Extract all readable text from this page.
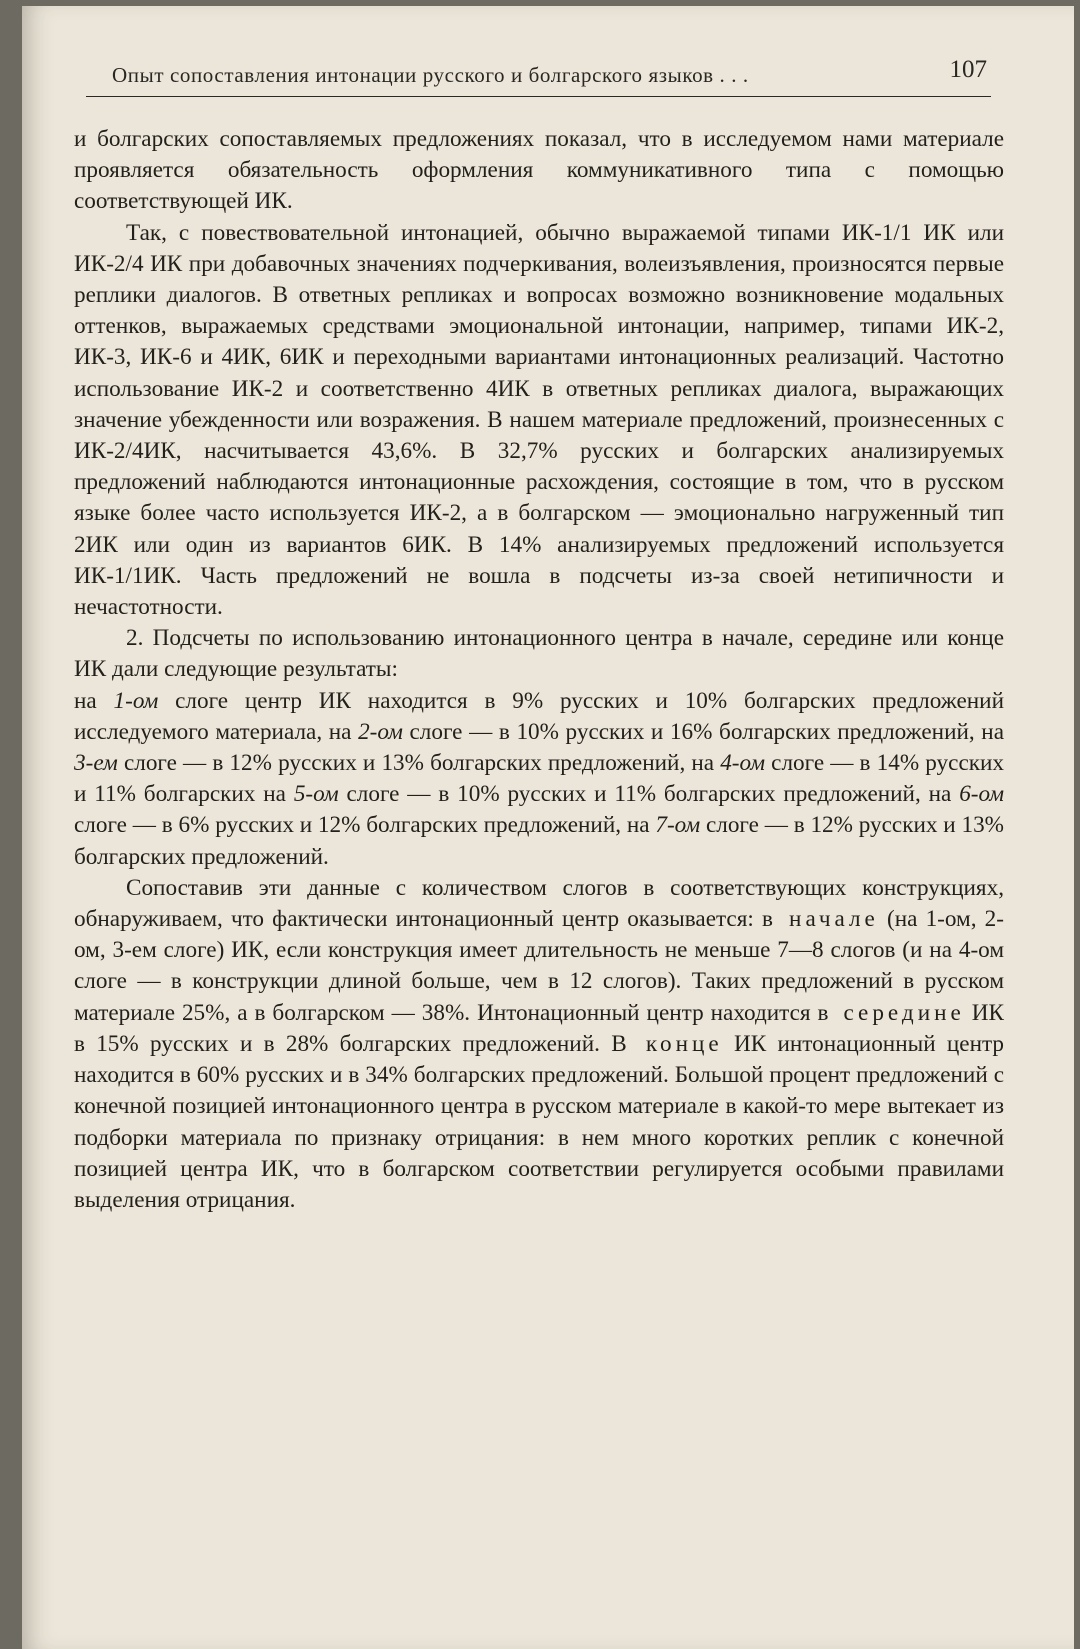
Опыт сопоставления интонации русского и болгарского языков . . .	107

и болгарских сопоставляемых предложениях показал, что в исследуемом нами материале проявляется обязательность оформления коммуникативного типа с помощью соответствующей ИК.

Так, с повествовательной интонацией, обычно выражаемой типами ИК-1/1 ИК или ИК-2/4 ИК при добавочных значениях подчеркивания, волеизъявления, произносятся первые реплики диалогов. В ответных репликах и вопросах возможно возникновение модальных оттенков, выражаемых средствами эмоциональной интонации, например, типами ИК-2, ИК-3, ИК-6 и 4ИК, 6ИК и переходными вариантами интонационных реализаций. Частотно использование ИК-2 и соответственно 4ИК в ответных репликах диалога, выражающих значение убежденности или возражения. В нашем материале предложений, произнесенных с ИК-2/4ИК, насчитывается 43,6%. В 32,7% русских и болгарских анализируемых предложений наблюдаются интонационные расхождения, состоящие в том, что в русском языке более часто используется ИК-2, а в болгарском — эмоционально нагруженный тип 2ИК или один из вариантов 6ИК. В 14% анализируемых предложений используется ИК-1/1ИК. Часть предложений не вошла в подсчеты из-за своей нетипичности и нечастотности.

2. Подсчеты по использованию интонационного центра в начале, середине или конце ИК дали следующие результаты:

на 1-ом слоге центр ИК находится в 9% русских и 10% болгарских предложений исследуемого материала, на 2-ом слоге — в 10% русских и 16% болгарских предложений, на 3-ем слоге — в 12% русских и 13% болгарских предложений, на 4-ом слоге — в 14% русских и 11% болгарских на 5-ом слоге — в 10% русских и 11% болгарских предложений, на 6-ом слоге — в 6% русских и 12% болгарских предложений, на 7-ом слоге — в 12% русских и 13% болгарских предложений.

Сопоставив эти данные с количеством слогов в соответствующих конструкциях, обнаруживаем, что фактически интонационный центр оказывается: в начале (на 1-ом, 2-ом, 3-ем слоге) ИК, если конструкция имеет длительность не меньше 7—8 слогов (и на 4-ом слоге — в конструкции длиной больше, чем в 12 слогов). Таких предложений в русском материале 25%, а в болгарском — 38%. Интонационный центр находится в середине ИК в 15% русских и в 28% болгарских предложений. В конце ИК интонационный центр находится в 60% русских и в 34% болгарских предложений. Большой процент предложений с конечной позицией интонационного центра в русском материале в какой-то мере вытекает из подборки материала по признаку отрицания: в нем много коротких реплик с конечной позицией центра ИК, что в болгарском соответствии регулируется особыми правилами выделения отрицания.
